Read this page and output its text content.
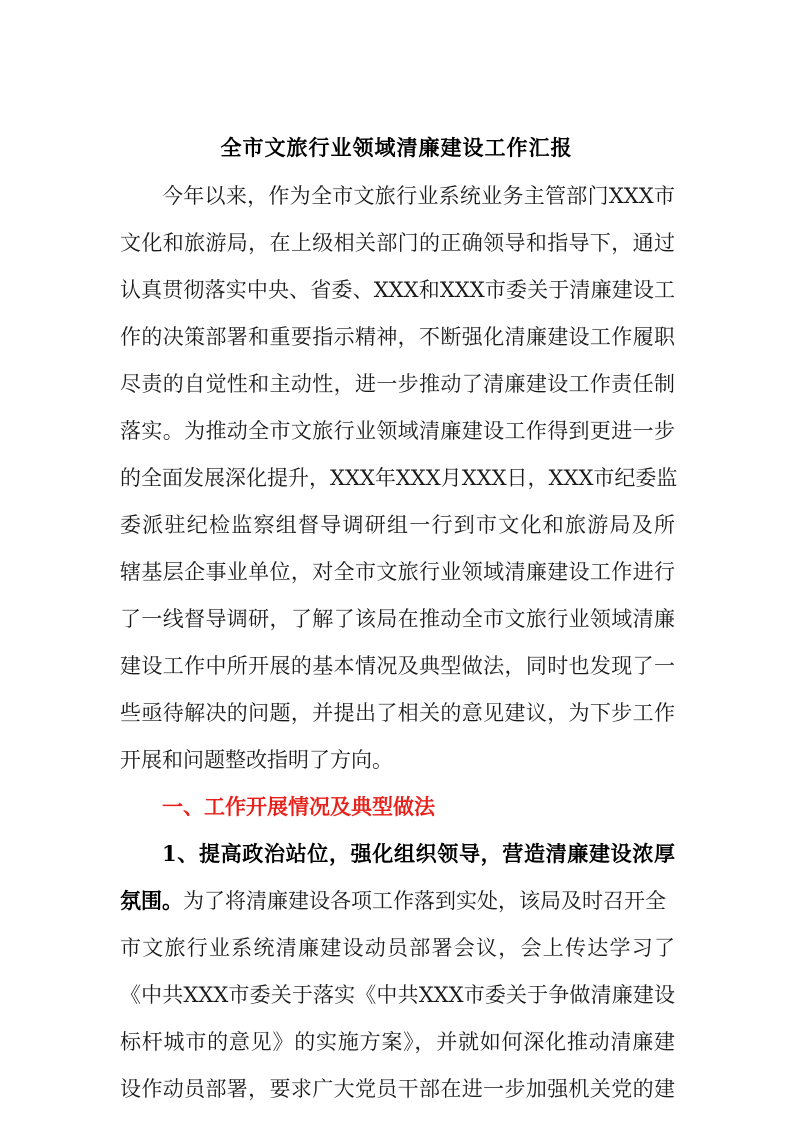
全市文旅行业领域清廉建设工作汇报
今年以来，作为全市文旅行业系统业务主管部门XXX市
文化和旅游局，在上级相关部门的正确领导和指导下，通过
认真贯彻落实中央、省委、XXX和XXX市委关于清廉建设工
作的决策部署和重要指示精神，不断强化清廉建设工作履职
尽责的自觉性和主动性，进一步推动了清廉建设工作责任制
落实。为推动全市文旅行业领域清廉建设工作得到更进一步
的全面发展深化提升，XXX年XXX月XXX日，XXX市纪委监
委派驻纪检监察组督导调研组一行到市文化和旅游局及所
辖基层企事业单位，对全市文旅行业领域清廉建设工作进行
了一线督导调研，了解了该局在推动全市文旅行业领域清廉
建设工作中所开展的基本情况及典型做法，同时也发现了一
些亟待解决的问题，并提出了相关的意见建议，为下步工作
开展和问题整改指明了方向。
一、工作开展情况及典型做法
1、提高政治站位，强化组织领导，营造清廉建设浓厚
氛围。为了将清廉建设各项工作落到实处，该局及时召开全
市文旅行业系统清廉建设动员部署会议，会上传达学习了
《中共XXX市委关于落实《中共XXX市委关于争做清廉建设
标杆城市的意见》的实施方案》，并就如何深化推动清廉建
设作动员部署，要求广大党员干部在进一步加强机关党的建
